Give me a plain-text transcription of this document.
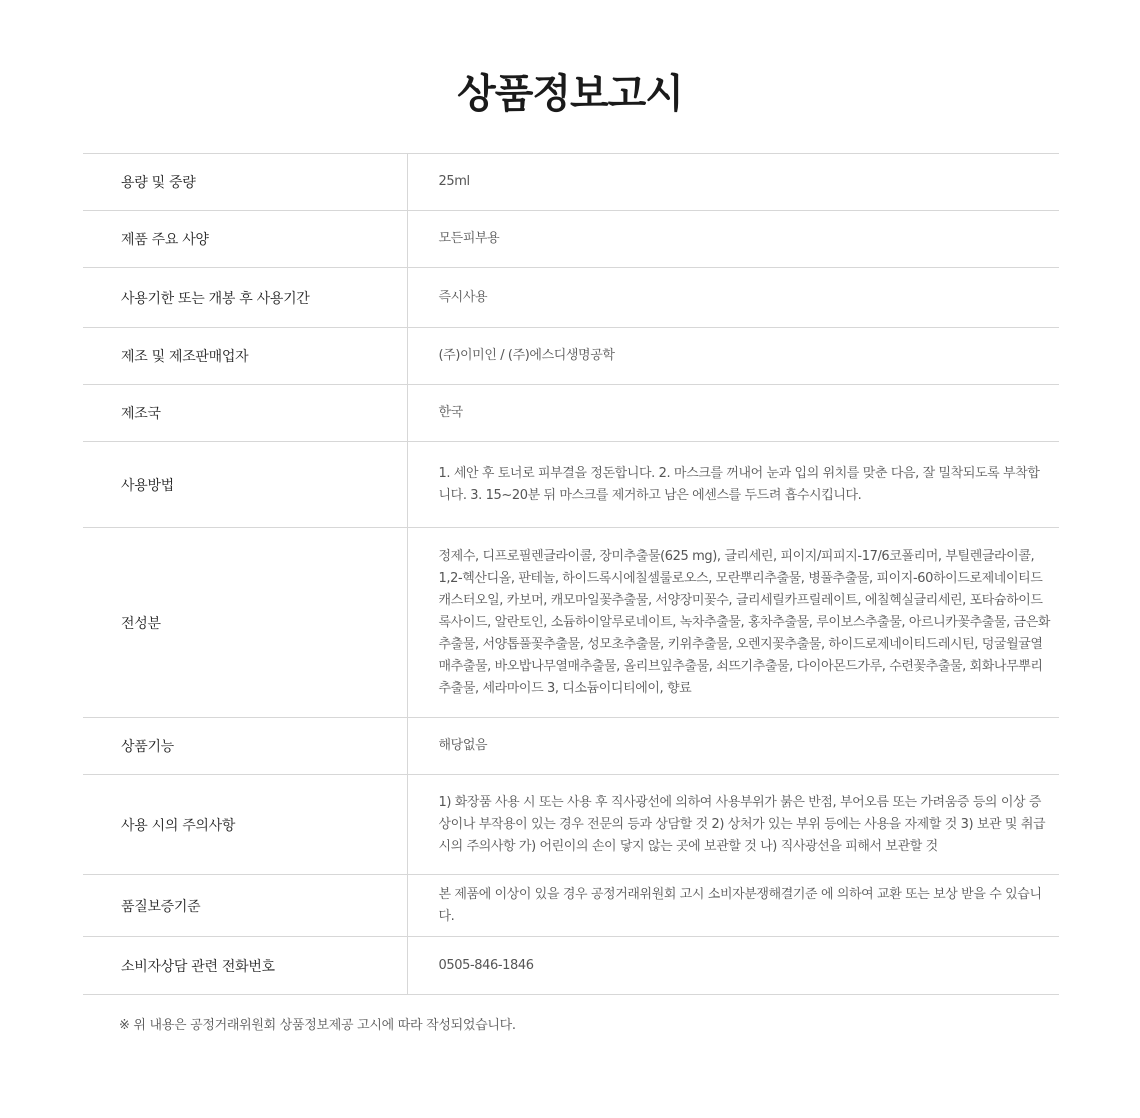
상품정보고시
용량 및 중량	25ml
제품 주요 사양	모든피부용
사용기한 또는 개봉 후 사용기간	즉시사용
제조 및 제조판매업자	(주)이미인 / (주)에스디생명공학
제조국	한국
사용방법	1. 세안 후 토너로 피부결을 정돈합니다. 2. 마스크를 꺼내어 눈과 입의 위치를 맞춘 다음, 잘 밀착되도록 부착합니다. 3. 15~20분 뒤 마스크를 제거하고 남은 에센스를 두드려 흡수시킵니다.
전성분	정제수, 디프로필렌글라이콜, 장미추출물(625 mg), 글리세린, 피이지/피피지-17/6코폴리머, 부틸렌글라이콜, 1,2-헥산디올, 판테놀, 하이드록시에칠셀룰로오스, 모란뿌리추출물, 병풀추출물, 피이지-60하이드로제네이티드캐스터오일, 카보머, 캐모마일꽃추출물, 서양장미꽃수, 글리세릴카프릴레이트, 에칠헥실글리세린, 포타슘하이드록사이드, 알란토인, 소듐하이알루로네이트, 녹차추출물, 홍차추출물, 루이보스추출물, 아르니카꽃추출물, 금은화추출물, 서양톱풀꽃추출물, 성모초추출물, 키위추출물, 오렌지꽃추출물, 하이드로제네이티드레시틴, 덩굴월귤열매추출물, 바오밥나무열매추출물, 올리브잎추출물, 쇠뜨기추출물, 다이아몬드가루, 수련꽃추출물, 회화나무뿌리추출물, 세라마이드 3, 디소듐이디티에이, 향료
상품기능	해당없음
사용 시의 주의사항	1) 화장품 사용 시 또는 사용 후 직사광선에 의하여 사용부위가 붉은 반점, 부어오름 또는 가려움증 등의 이상 증상이나 부작용이 있는 경우 전문의 등과 상담할 것 2) 상처가 있는 부위 등에는 사용을 자제할 것 3) 보관 및 취급 시의 주의사항 가) 어린이의 손이 닿지 않는 곳에 보관할 것 나) 직사광선을 피해서 보관할 것
품질보증기준	본 제품에 이상이 있을 경우 공정거래위원회 고시 소비자분쟁해결기준 에 의하여 교환 또는 보상 받을 수 있습니다.
소비자상담 관련 전화번호	0505-846-1846
※ 위 내용은 공정거래위원회 상품정보제공 고시에 따라 작성되었습니다.
